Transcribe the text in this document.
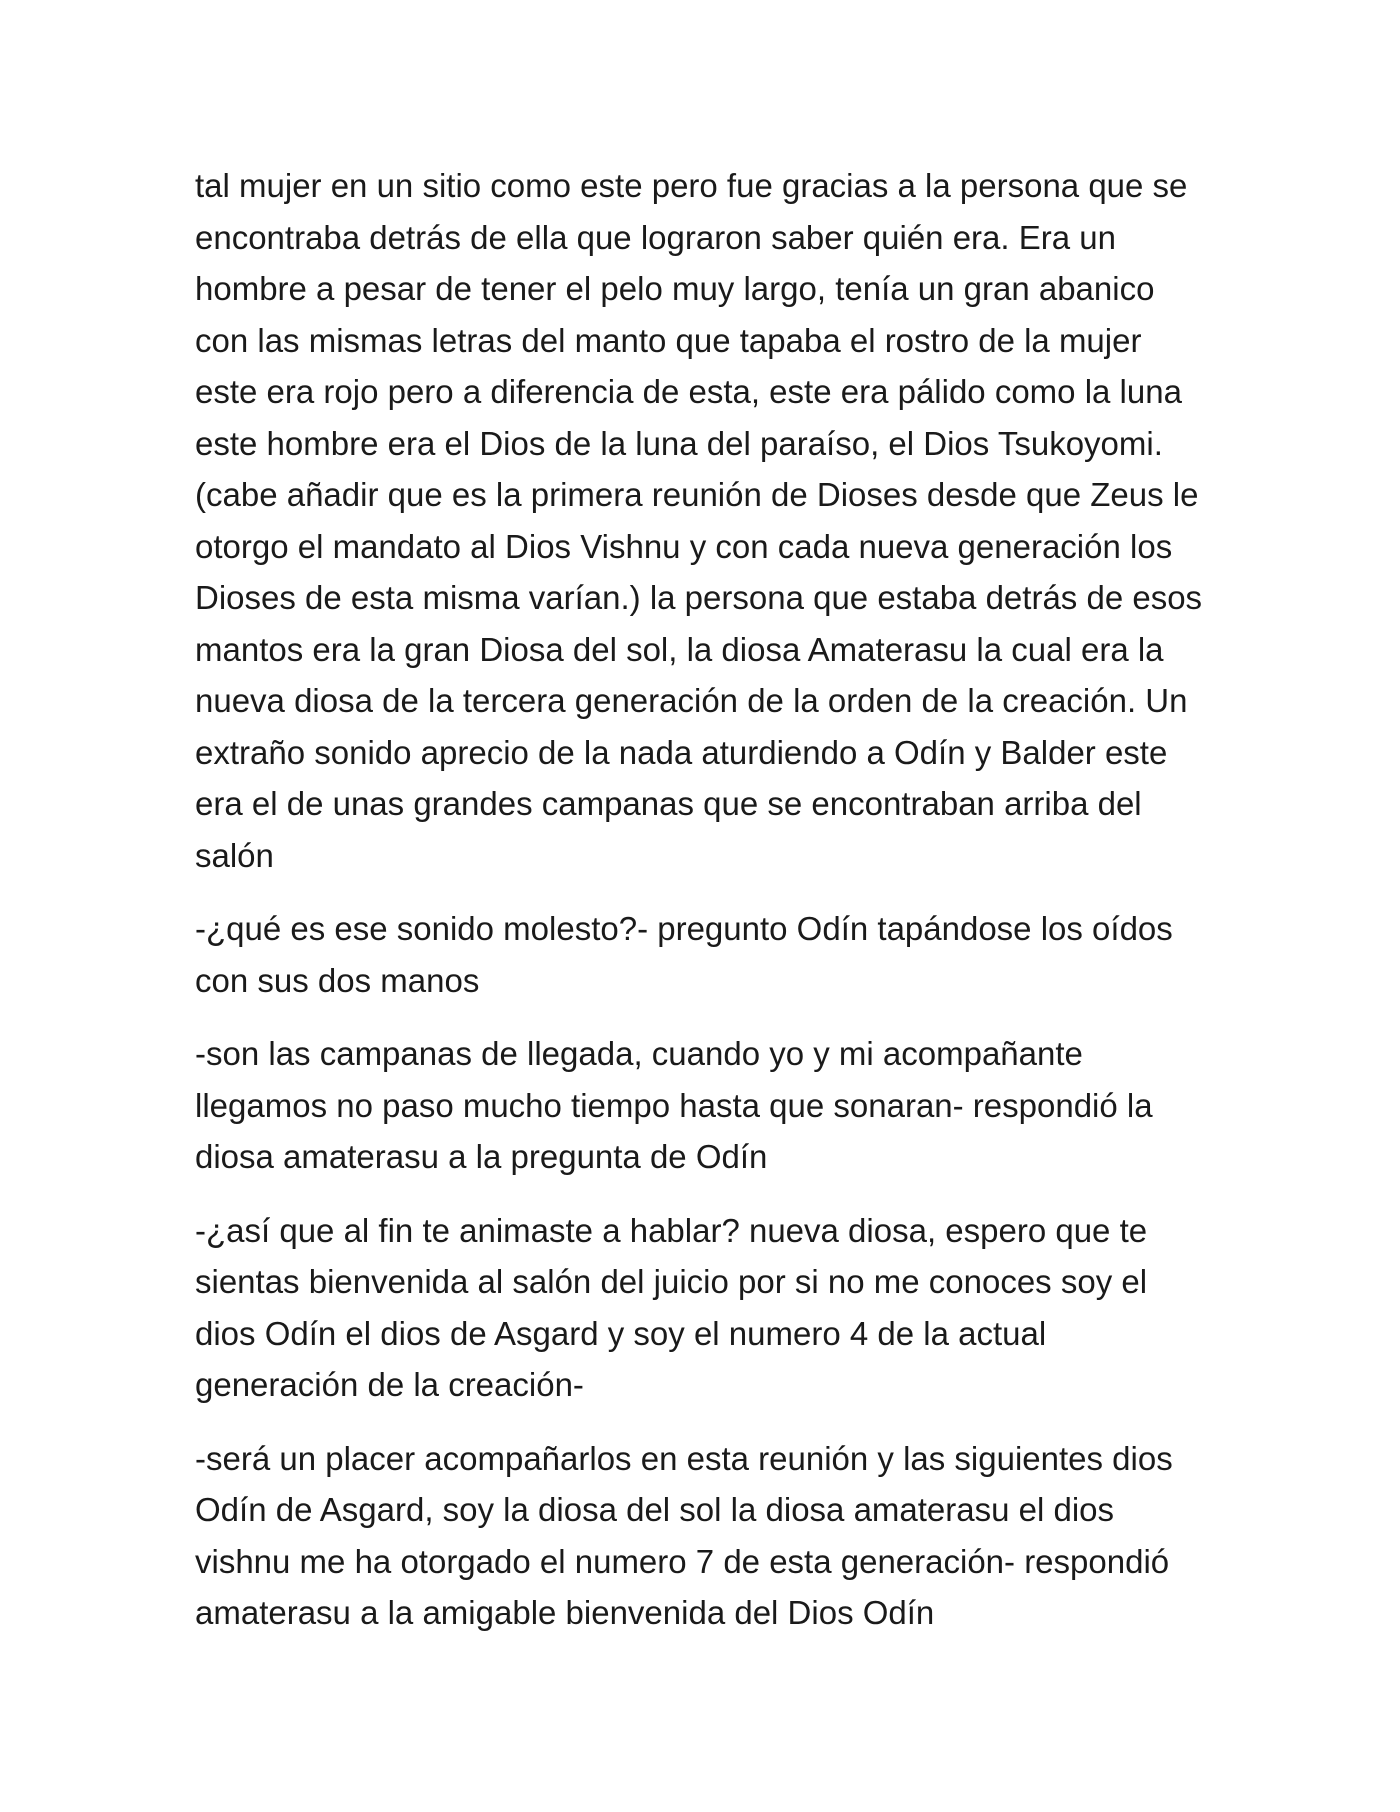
tal mujer en un sitio como este pero fue gracias a la persona que se
encontraba detrás de ella que lograron saber quién era. Era un
hombre a pesar de tener el pelo muy largo, tenía un gran abanico
con las mismas letras del manto que tapaba el rostro de la mujer
este era rojo pero a diferencia de esta, este era pálido como la luna
este hombre era el Dios de la luna del paraíso, el Dios Tsukoyomi.
(cabe añadir que es la primera reunión de Dioses desde que Zeus le
otorgo el mandato al Dios Vishnu y con cada nueva generación los
Dioses de esta misma varían.) la persona que estaba detrás de esos
mantos era la gran Diosa del sol, la diosa Amaterasu la cual era la
nueva diosa de la tercera generación de la orden de la creación. Un
extraño sonido aprecio de la nada aturdiendo a Odín y Balder este
era el de unas grandes campanas que se encontraban arriba del
salón

-¿qué es ese sonido molesto?- pregunto Odín tapándose los oídos
con sus dos manos

-son las campanas de llegada, cuando yo y mi acompañante
llegamos no paso mucho tiempo hasta que sonaran- respondió la
diosa amaterasu a la pregunta de Odín

-¿así que al fin te animaste a hablar? nueva diosa, espero que te
sientas bienvenida al salón del juicio por si no me conoces soy el
dios Odín el dios de Asgard y soy el numero 4 de la actual
generación de la creación-

-será un placer acompañarlos en esta reunión y las siguientes dios
Odín de Asgard, soy la diosa del sol la diosa amaterasu el dios
vishnu me ha otorgado el numero 7 de esta generación- respondió
amaterasu a la amigable bienvenida del Dios Odín
